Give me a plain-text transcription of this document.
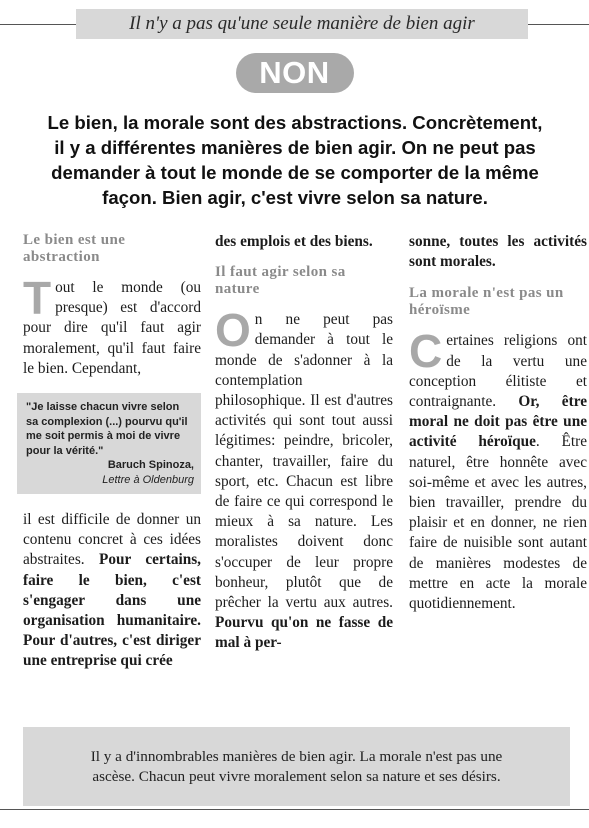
Il n'y a pas qu'une seule manière de bien agir
NON

Le bien, la morale sont des abstractions. Concrètement, il y a différentes manières de bien agir. On ne peut pas demander à tout le monde de se comporter de la même façon. Bien agir, c'est vivre selon sa nature.

Le bien est une abstraction

Tout le monde (ou presque) est d'accord pour dire qu'il faut agir moralement, qu'il faut faire le bien. Cependant,

"Je laisse chacun vivre selon sa complexion (...) pourvu qu'il me soit permis à moi de vivre pour la vérité."
Baruch Spinoza,
Lettre à Oldenburg

il est difficile de donner un contenu concret à ces idées abstraites. Pour certains, faire le bien, c'est s'engager dans une organisation humanitaire. Pour d'autres, c'est diriger une entreprise qui crée

des emplois et des biens.

Il faut agir selon sa nature

On ne peut pas demander à tout le monde de s'adonner à la contemplation philosophique. Il est d'autres activités qui sont tout aussi légitimes: peindre, bricoler, chanter, travailler, faire du sport, etc. Chacun est libre de faire ce qui correspond le mieux à sa nature. Les moralistes doivent donc s'occuper de leur propre bonheur, plutôt que de prêcher la vertu aux autres. Pourvu qu'on ne fasse de mal à per-

sonne, toutes les activités sont morales.

La morale n'est pas un héroïsme

Certaines religions ont de la vertu une conception élitiste et contraignante. Or, être moral ne doit pas être une activité héroïque. Être naturel, être honnête avec soi-même et avec les autres, bien travailler, prendre du plaisir et en donner, ne rien faire de nuisible sont autant de manières modestes de mettre en acte la morale quotidiennement.

Il y a d'innombrables manières de bien agir. La morale n'est pas une ascèse. Chacun peut vivre moralement selon sa nature et ses désirs.
